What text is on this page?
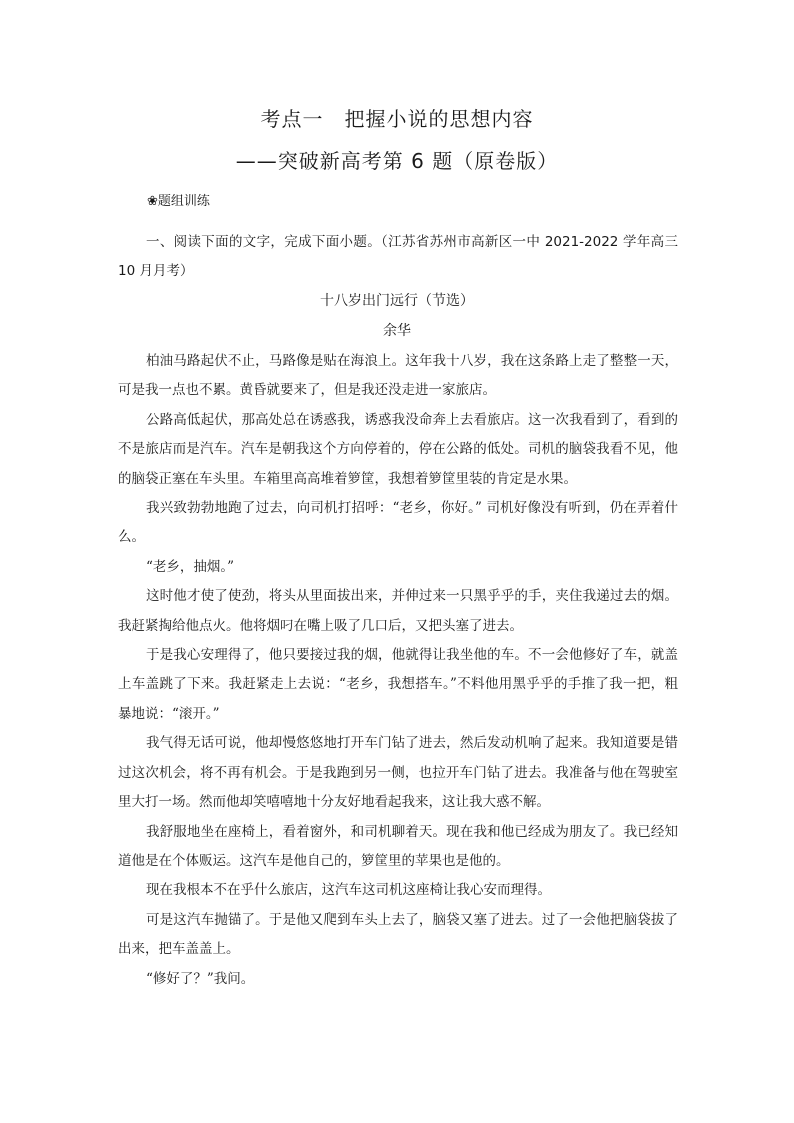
考点一　把握小说的思想内容
——突破新高考第 6 题（原卷版）
❀题组训练
一、阅读下面的文字，完成下面小题。（江苏省苏州市高新区一中 2021-2022 学年高三 10 月月考）
十八岁出门远行（节选）
余华

柏油马路起伏不止，马路像是贴在海浪上。这年我十八岁，我在这条路上走了整整一天，可是我一点也不累。黄昏就要来了，但是我还没走进一家旅店。

公路高低起伏，那高处总在诱惑我，诱惑我没命奔上去看旅店。这一次我看到了，看到的不是旅店而是汽车。汽车是朝我这个方向停着的，停在公路的低处。司机的脑袋我看不见，他的脑袋正塞在车头里。车箱里高高堆着箩筐，我想着箩筐里装的肯定是水果。

我兴致勃勃地跑了过去，向司机打招呼：“老乡，你好。” 司机好像没有听到，仍在弄着什么。

“老乡，抽烟。”

这时他才使了使劲，将头从里面拔出来，并伸过来一只黑乎乎的手，夹住我递过去的烟。我赶紧掏给他点火。他将烟叼在嘴上吸了几口后，又把头塞了进去。

于是我心安理得了，他只要接过我的烟，他就得让我坐他的车。不一会他修好了车，就盖上车盖跳了下来。我赶紧走上去说：“老乡，我想搭车。”不料他用黑乎乎的手推了我一把，粗暴地说：“滚开。”

我气得无话可说，他却慢悠悠地打开车门钻了进去，然后发动机响了起来。我知道要是错过这次机会，将不再有机会。于是我跑到另一侧，也拉开车门钻了进去。我准备与他在驾驶室里大打一场。然而他却笑嘻嘻地十分友好地看起我来，这让我大惑不解。

我舒服地坐在座椅上，看着窗外，和司机聊着天。现在我和他已经成为朋友了。我已经知道他是在个体贩运。这汽车是他自己的，箩筐里的苹果也是他的。

现在我根本不在乎什么旅店，这汽车这司机这座椅让我心安而理得。

可是这汽车抛锚了。于是他又爬到车头上去了，脑袋又塞了进去。过了一会他把脑袋拔了出来，把车盖盖上。

“修好了？”我问。
